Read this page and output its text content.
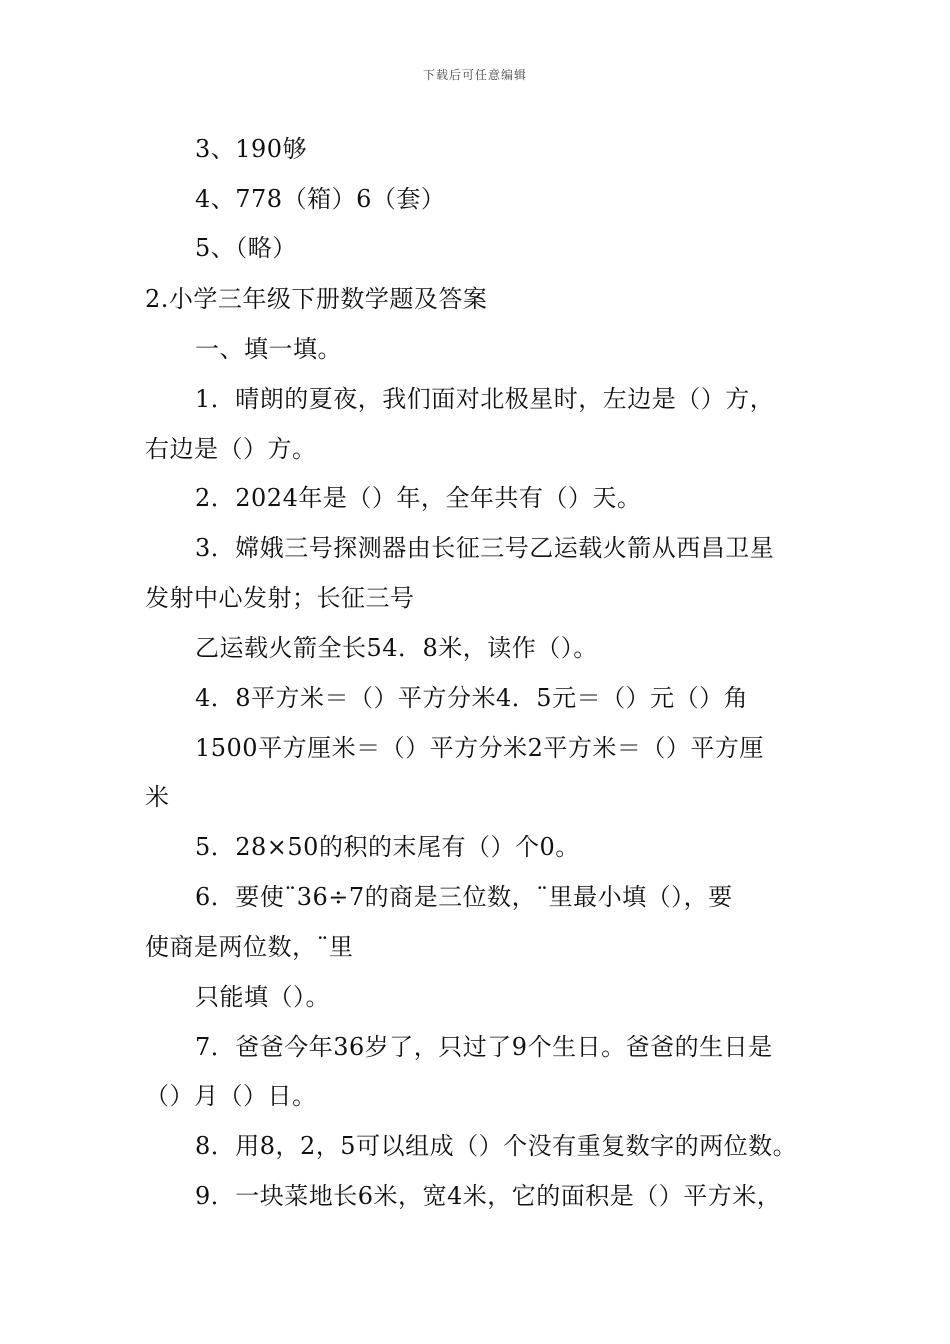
下载后可任意编辑
3、190够
4、778（箱）6（套）
5、（略）
2.小学三年级下册数学题及答案
一、填一填。
1．晴朗的夏夜，我们面对北极星时，左边是（）方，
右边是（）方。
2．2024年是（）年，全年共有（）天。
3．嫦娥三号探测器由长征三号乙运载火箭从西昌卫星
发射中心发射；长征三号
乙运载火箭全长54．8米，读作（）。
4．8平方米＝（）平方分米4．5元＝（）元（）角
1500平方厘米＝（）平方分米2平方米＝（）平方厘
米
5．28×50的积的末尾有（）个0。
6．要使¨36÷7的商是三位数，¨里最小填（），要
使商是两位数，¨里
只能填（）。
7．爸爸今年36岁了，只过了9个生日。爸爸的生日是
（）月（）日。
8．用8，2，5可以组成（）个没有重复数字的两位数。
9．一块菜地长6米，宽4米，它的面积是（）平方米，
